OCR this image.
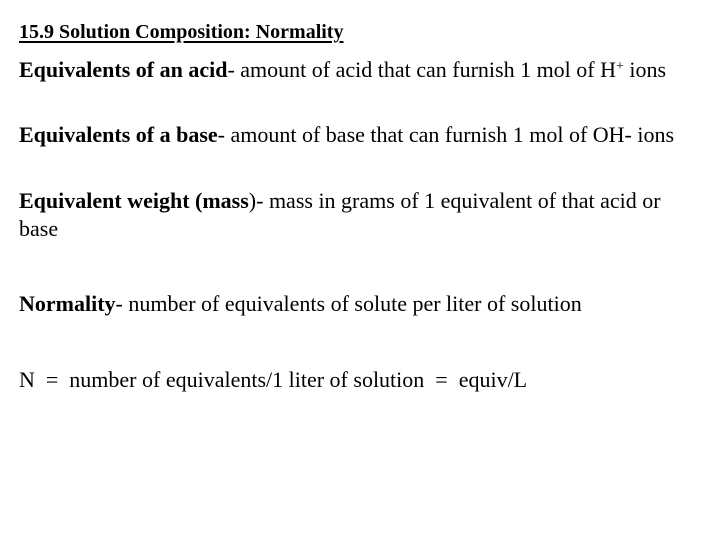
15.9 Solution Composition: Normality

Equivalents of an acid- amount of acid that can furnish 1 mol of H+ ions

Equivalents of a base- amount of base that can furnish 1 mol of OH- ions

Equivalent weight (mass)- mass in grams of 1 equivalent of that acid or base

Normality- number of equivalents of solute per liter of solution

N  =  number of equivalents/1 liter of solution  =  equiv/L
